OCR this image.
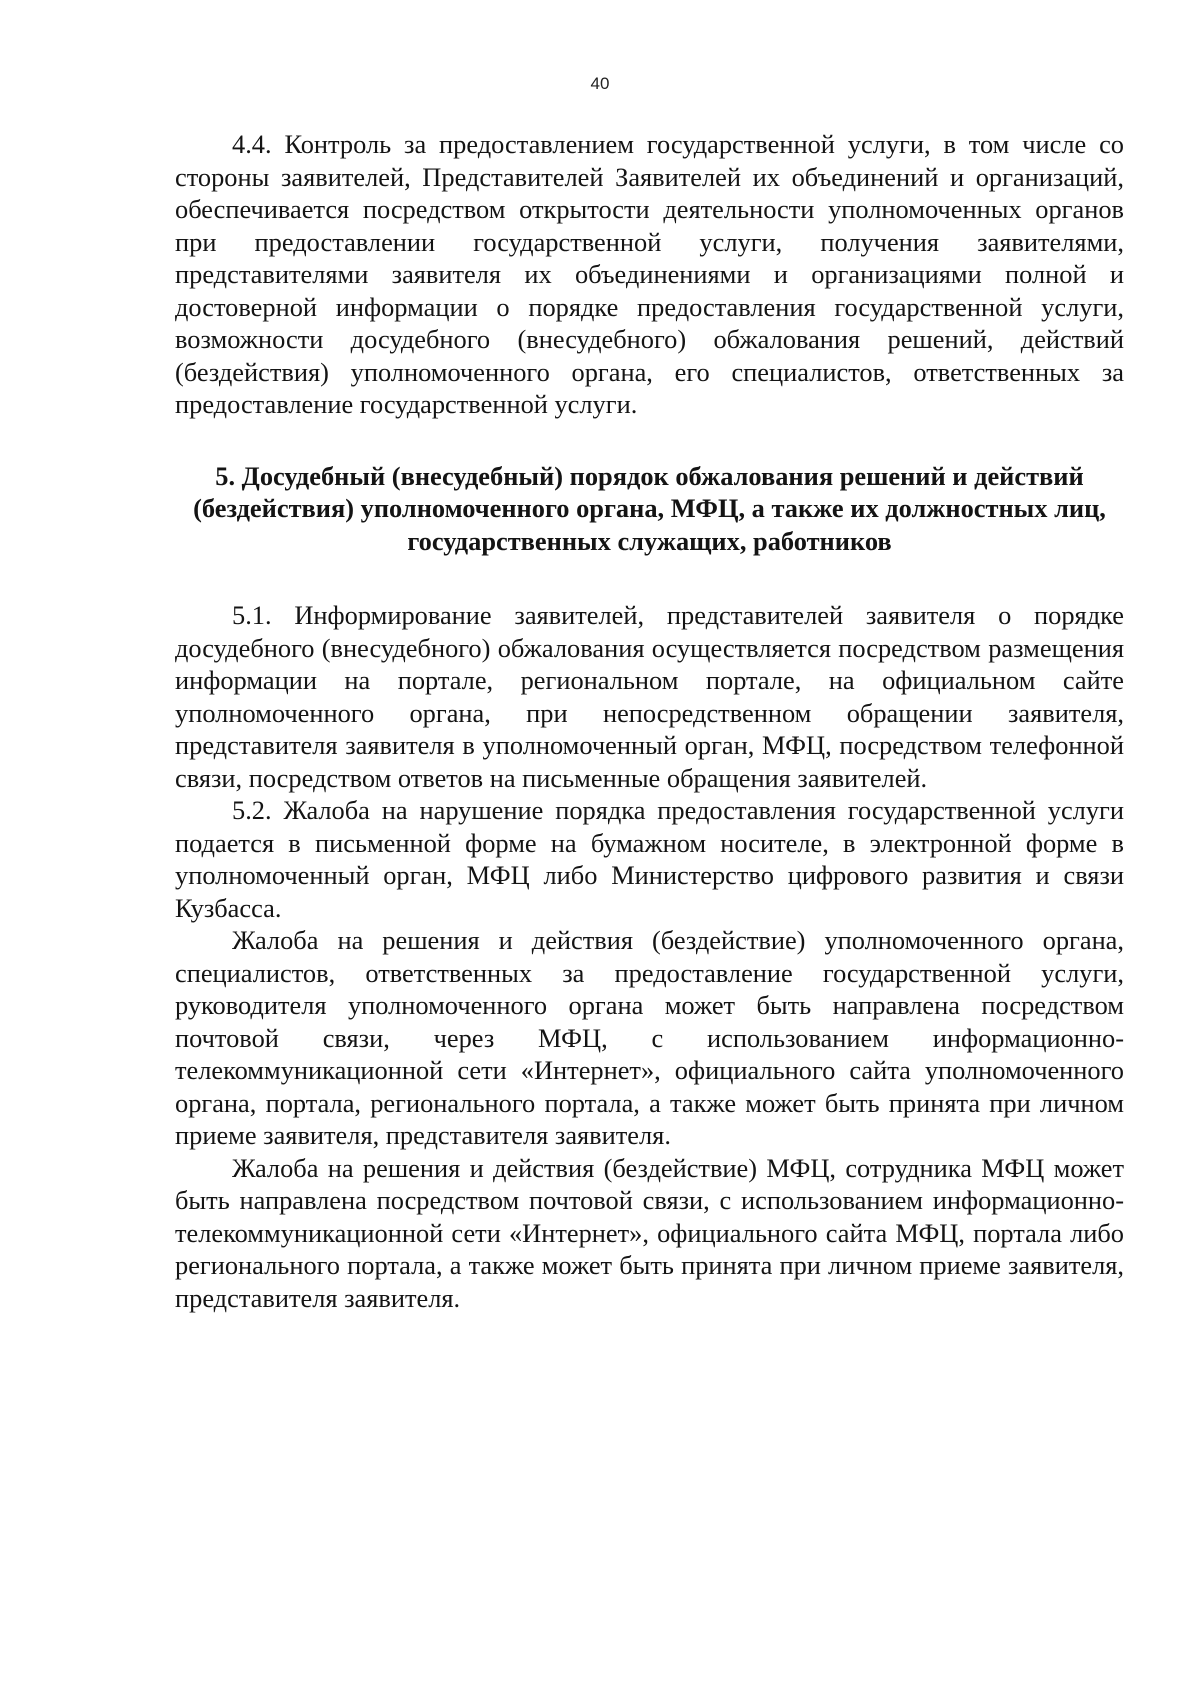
40

4.4. Контроль за предоставлением государственной услуги, в том числе со стороны заявителей, Представителей Заявителей их объединений и организаций, обеспечивается посредством открытости деятельности уполномоченных органов при предоставлении государственной услуги, получения заявителями, представителями заявителя их объединениями и организациями полной и достоверной информации о порядке предоставления государственной услуги, возможности досудебного (внесудебного) обжалования решений, действий (бездействия) уполномоченного органа, его специалистов, ответственных за предоставление государственной услуги.

5. Досудебный (внесудебный) порядок обжалования решений и действий (бездействия) уполномоченного органа, МФЦ, а также их должностных лиц, государственных служащих, работников

5.1. Информирование заявителей, представителей заявителя о порядке досудебного (внесудебного) обжалования осуществляется посредством размещения информации на портале, региональном портале, на официальном сайте уполномоченного органа, при непосредственном обращении заявителя, представителя заявителя в уполномоченный орган, МФЦ, посредством телефонной связи, посредством ответов на письменные обращения заявителей.

5.2. Жалоба на нарушение порядка предоставления государственной услуги подается в письменной форме на бумажном носителе, в электронной форме в уполномоченный орган, МФЦ либо Министерство цифрового развития и связи Кузбасса.

Жалоба на решения и действия (бездействие) уполномоченного органа, специалистов, ответственных за предоставление государственной услуги, руководителя уполномоченного органа может быть направлена посредством почтовой связи, через МФЦ, с использованием информационно-телекоммуникационной сети «Интернет», официального сайта уполномоченного органа, портала, регионального портала, а также может быть принята при личном приеме заявителя, представителя заявителя.

Жалоба на решения и действия (бездействие) МФЦ, сотрудника МФЦ может быть направлена посредством почтовой связи, с использованием информационно-телекоммуникационной сети «Интернет», официального сайта МФЦ, портала либо регионального портала, а также может быть принята при личном приеме заявителя, представителя заявителя.
